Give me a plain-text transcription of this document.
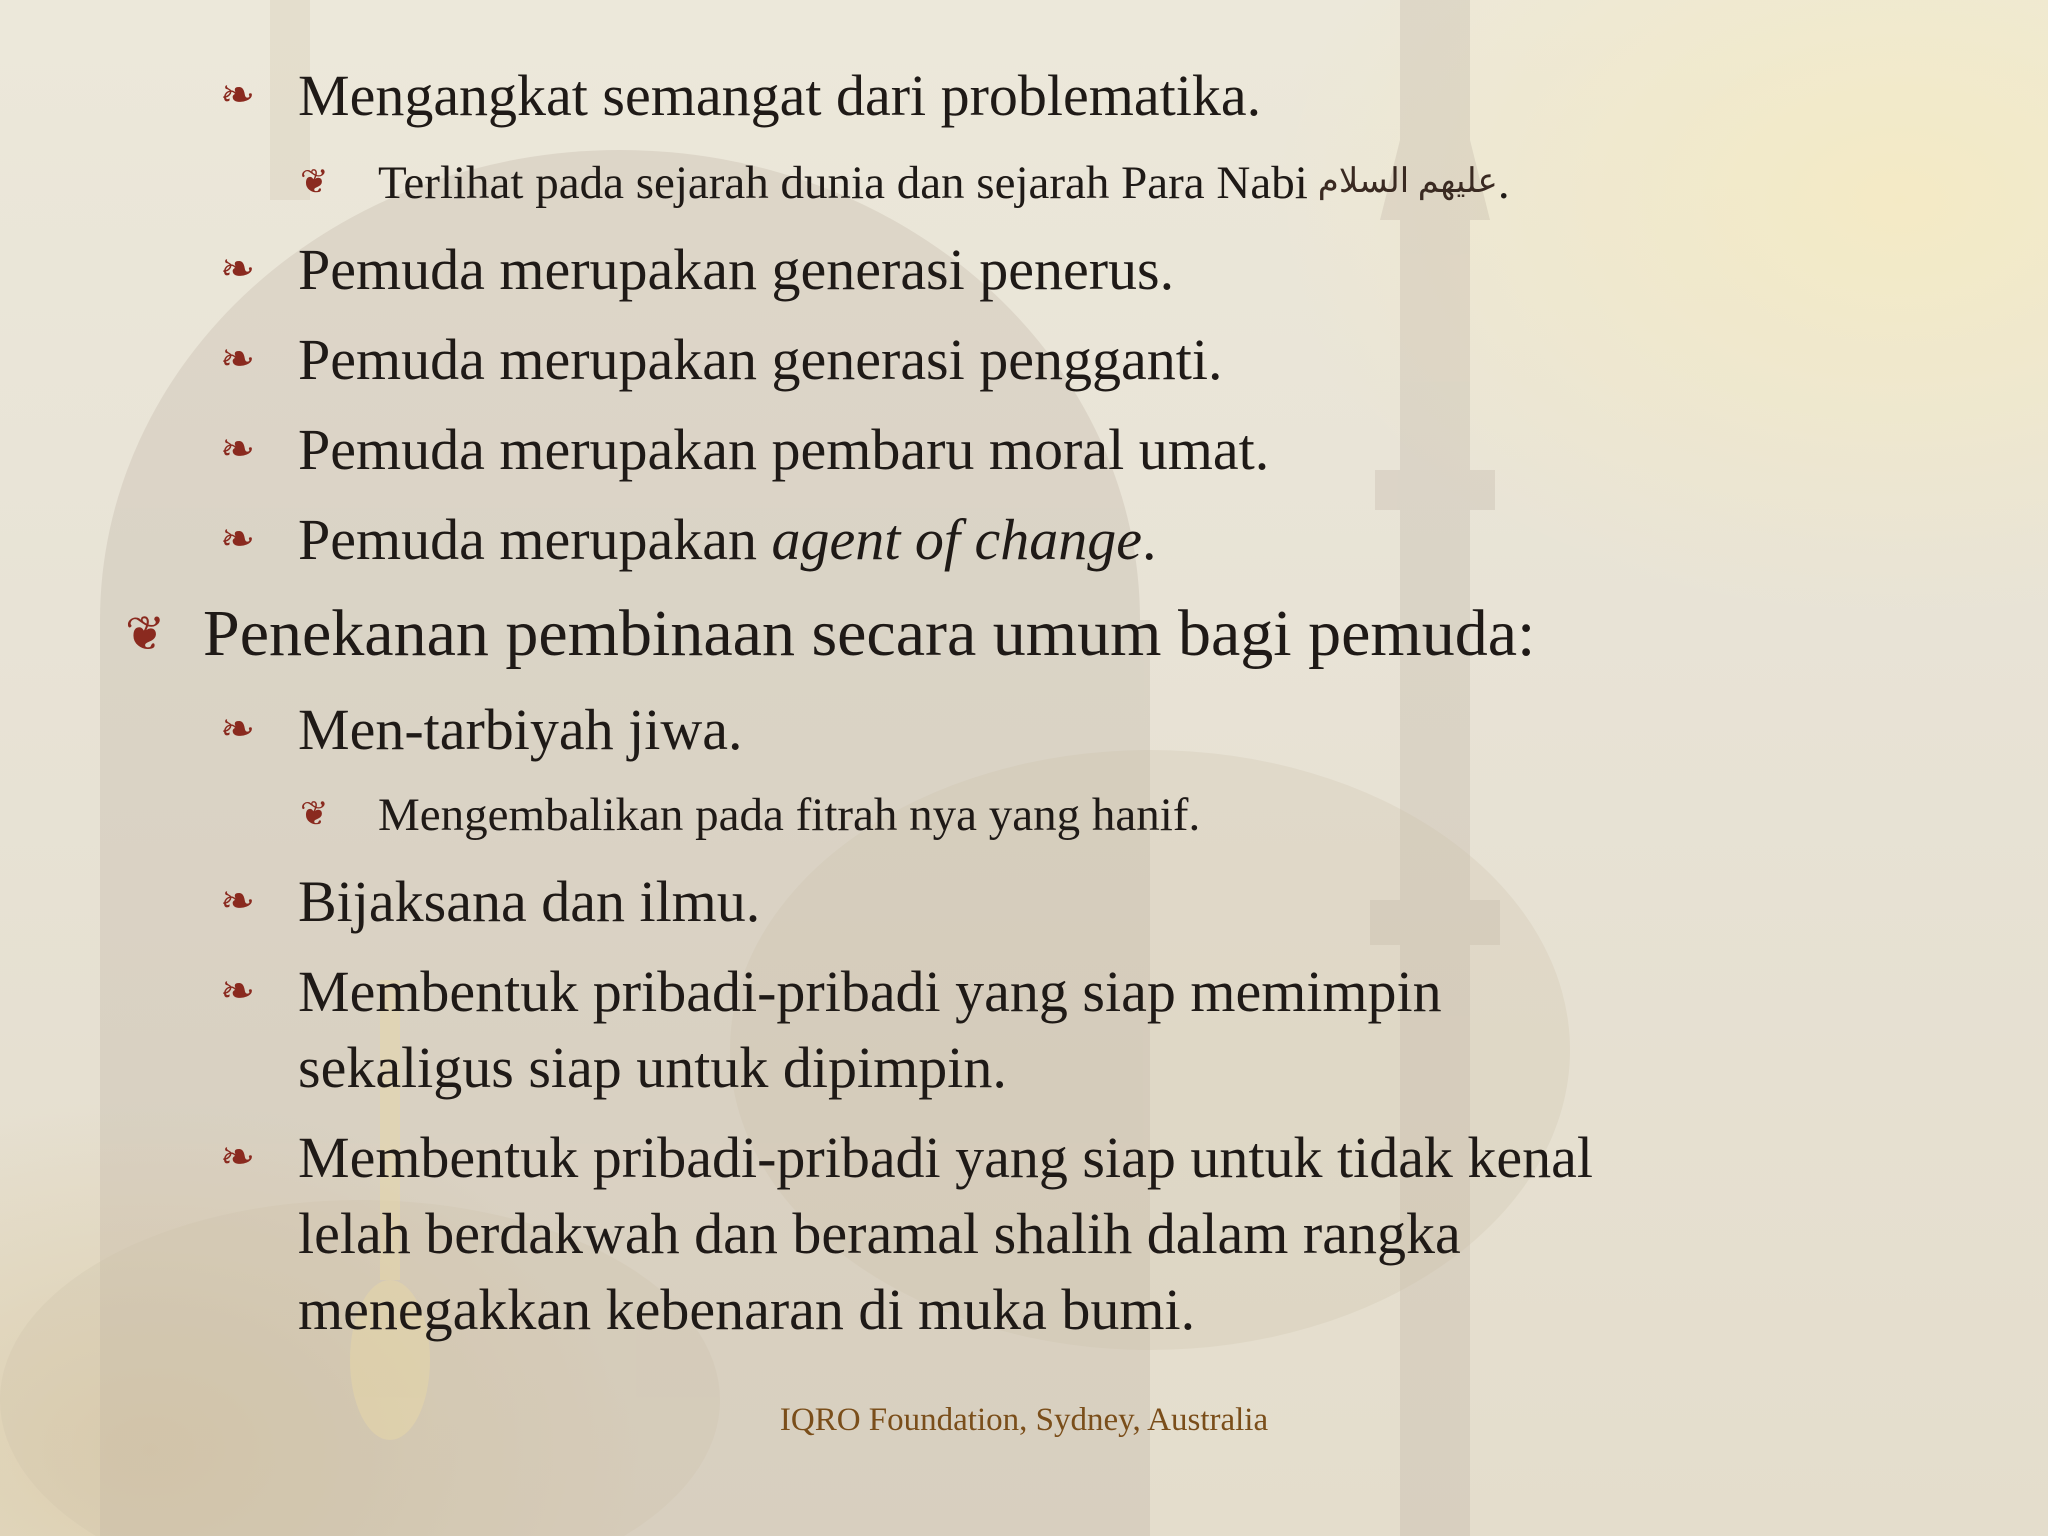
❧ Mengangkat semangat dari problematika.
❦ Terlihat pada sejarah dunia dan sejarah Para Nabi عليهم السلام.
❧ Pemuda merupakan generasi penerus.
❧ Pemuda merupakan generasi pengganti.
❧ Pemuda merupakan pembaru moral umat.
❧ Pemuda merupakan agent of change.
❦ Penekanan pembinaan secara umum bagi pemuda:
❧ Men-tarbiyah jiwa.
❦ Mengembalikan pada fitrah nya yang hanif.
❧ Bijaksana dan ilmu.
❧ Membentuk pribadi-pribadi yang siap memimpin
sekaligus siap untuk dipimpin.
❧ Membentuk pribadi-pribadi yang siap untuk tidak kenal
lelah berdakwah dan beramal shalih dalam rangka
menegakkan kebenaran di muka bumi.
IQRO Foundation, Sydney, Australia
